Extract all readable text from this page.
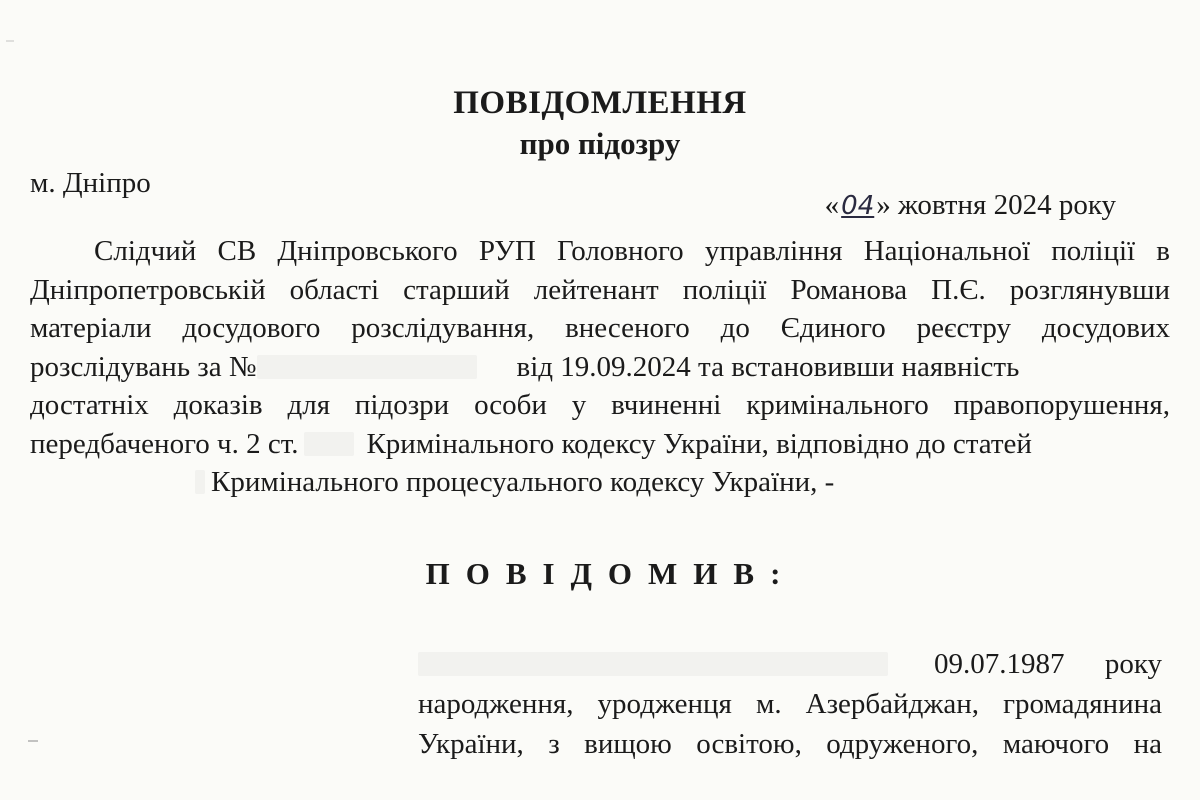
ПОВІДОМЛЕННЯ
про підозру
м. Дніпро
«04» жовтня 2024 року
Слідчий СВ Дніпровського РУП Головного управління Національної поліції в
Дніпропетровській області старший лейтенант поліції Романова П.Є. розглянувши
матеріали досудового розслідування, внесеного до Єдиного реєстру досудових
розслідувань за №	від 19.09.2024 та встановивши наявність
достатніх доказів для підозри особи у вчиненні кримінального правопорушення,
передбаченого ч. 2 ст. Кримінального кодексу України, відповідно до статей
Кримінального процесуального кодексу України, -
ПОВІДОМИВ:
09.07.1987 року
народження, уродженця м. Азербайджан, громадянина
України, з вищою освітою, одруженого, маючого на
